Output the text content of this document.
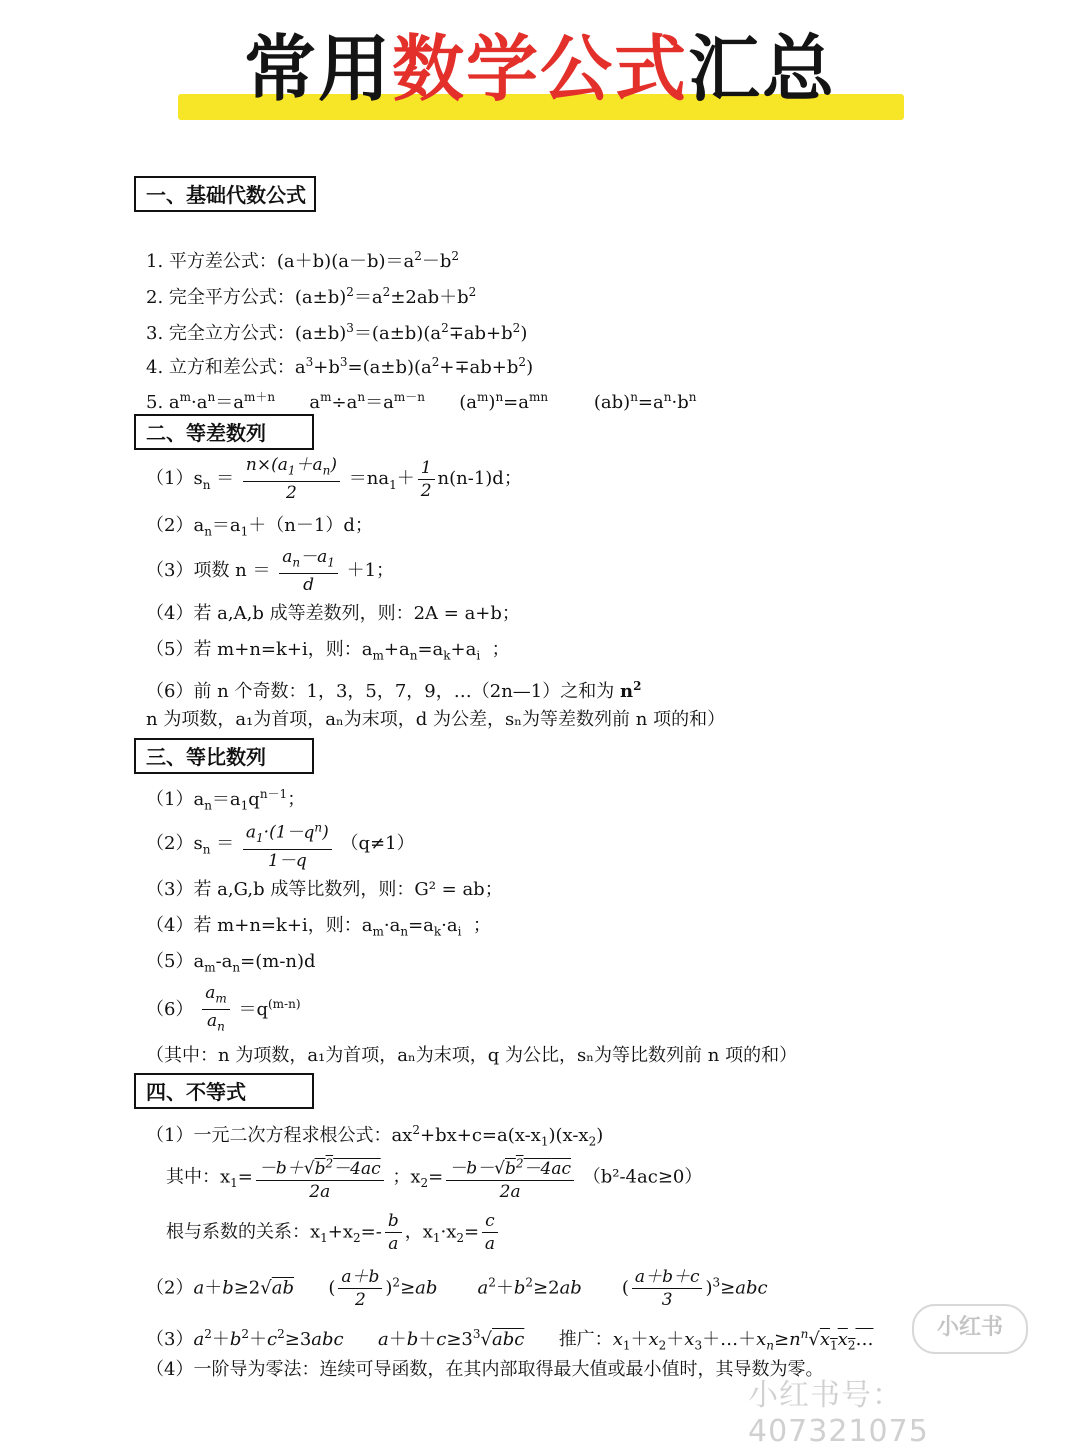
常用数学公式汇总
一、基础代数公式
1. 平方差公式：$(a+b)(a-b)=a^2-b^2$
2. 完全平方公式：$(a\pm b)^2=a^2\pm 2ab+b^2$
3. 完全立方公式：$(a\pm b)^3=(a\pm b)(a^2\mp ab+b^2)$
4. 立方和差公式：$a^3+b^3=(a\pm b)(a^2+\mp ab+b^2)$
5. $a^m\cdot a^n=a^{m+n}$      $a^m\div a^n=a^{m-n}$      $(a^m)^n=a^{mn}$        $(ab)^n=a^n\cdot b^n$
二、等差数列
$(1)s_n = \frac{n\times(a_1+a_n)}{2} =na_1+ \frac{1}{2} n(n-1)d$；
$(2)a_n=a_1+(n-1)d$；
（3）项数 $n = \frac{a_n-a_1}{d} +1$；
（4）若 a,A,b 成等差数列，则：2A = a+b；
（5）若 m+n=k+i，则：$a_m+a_n=a_k+a_i$  ；
（6）前 n 个奇数：1，3，5，7，9，…（2n—1）之和为 $n^2$
n 为项数，a₁为首项，aₙ为末项，d 为公差，sₙ为等差数列前 n 项的和）
三、等比数列
$(1)a_n=a_1q^{n-1}$；
$(2)s_n = \frac{a_1\cdot(1-q^n)}{1-q} (q\ne 1)$
（3）若 a,G,b 成等比数列，则：G² = ab；
（4）若 m+n=k+i，则：$a_m\cdot a_n=a_k\cdot a_i$  ；
$(5)a_m-a_n=(m-n)d$
$(6) \frac{a_m}{a_n} =q^{(m-n)}$
（其中：n 为项数，a₁为首项，aₙ为末项，q 为公比，sₙ为等比数列前 n 项的和）
四、不等式
（1）一元二次方程求根公式：$ax^2+bx+c=a(x-x_1)(x-x_2)$
其中：$x_1= \frac{-b+√b^2-4ac}{2a}$ ；$x_2= \frac{-b-√b^2-4ac}{2a} (b^2-4ac\ge 0)$
根与系数的关系：$x_1+x_2=- \frac{b}{a}$ ，$x_1\cdot x_2= \frac{c}{a}$
（2）a＋b≥2√ab      ( $\frac{a+b}{2} )^2\ge ab$ $a^2+b^2\ge 2ab$       ( $\frac{a+b+c}{3} )^3\ge abc$
$(3)a^2+b^2+c^2\ge 3abc$ $a+b+c\ge 3^3√abc$ 推广：$x_1+x_2+x_3+\dots+x_n\ge n^n√x_1x_2\dots$
（4）一阶导为零法：连续可导函数，在其内部取得最大值或最小值时，其导数为零。
小红书
小红书号：407321075
